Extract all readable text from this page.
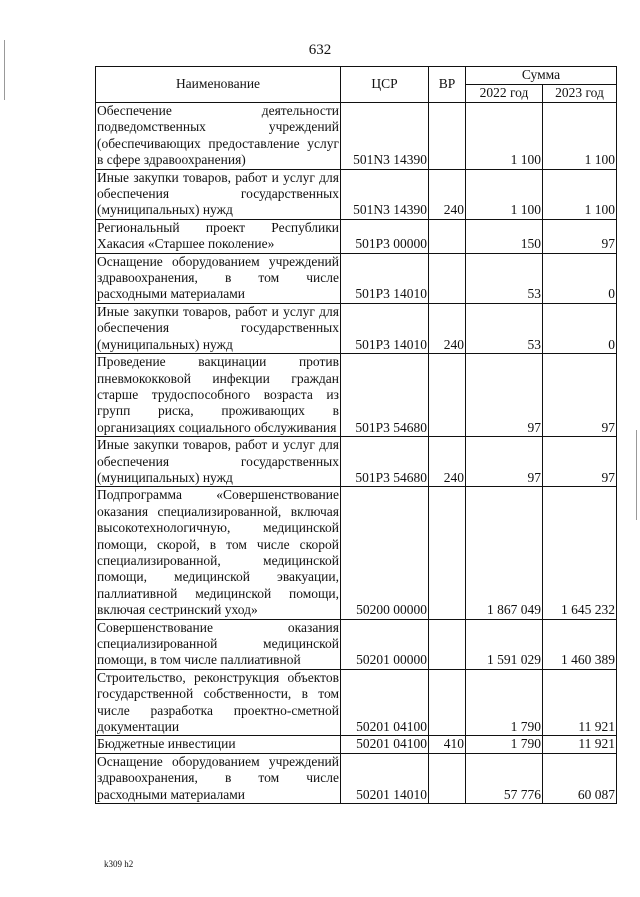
632
Наименование	ЦСР	ВР	Сумма	
			2022 год	2023 год
Обеспечение деятельности подведомственных учреждений (обеспечивающих предоставление услуг в сфере здравоохранения)	501N3 14390		1 100	1 100
Иные закупки товаров, работ и услуг для обеспечения государственных (муниципальных) нужд	501N3 14390	240	1 100	1 100
Региональный проект Республики Хакасия «Старшее поколение»	501P3 00000		150	97
Оснащение оборудованием учреждений здравоохранения, в том числе расходными материалами	501P3 14010		53	0
Иные закупки товаров, работ и услуг для обеспечения государственных (муниципальных) нужд	501P3 14010	240	53	0
Проведение вакцинации против пневмококковой инфекции граждан старше трудоспособного возраста из групп риска, проживающих в организациях социального обслуживания	501P3 54680		97	97
Иные закупки товаров, работ и услуг для обеспечения государственных (муниципальных) нужд	501P3 54680	240	97	97
Подпрограмма «Совершенствование оказания специализированной, включая высокотехнологичную, медицинской помощи, скорой, в том числе скорой специализированной, медицинской помощи, медицинской эвакуации, паллиативной медицинской помощи, включая сестринский уход»	50200 00000		1 867 049	1 645 232
Совершенствование оказания специализированной медицинской помощи, в том числе паллиативной	50201 00000		1 591 029	1 460 389
Строительство, реконструкция объектов государственной собственности, в том числе разработка проектно-сметной документации	50201 04100		1 790	11 921
Бюджетные инвестиции	50201 04100	410	1 790	11 921
Оснащение оборудованием учреждений здравоохранения, в том числе расходными материалами	50201 14010		57 776	60 087
k309 h2
